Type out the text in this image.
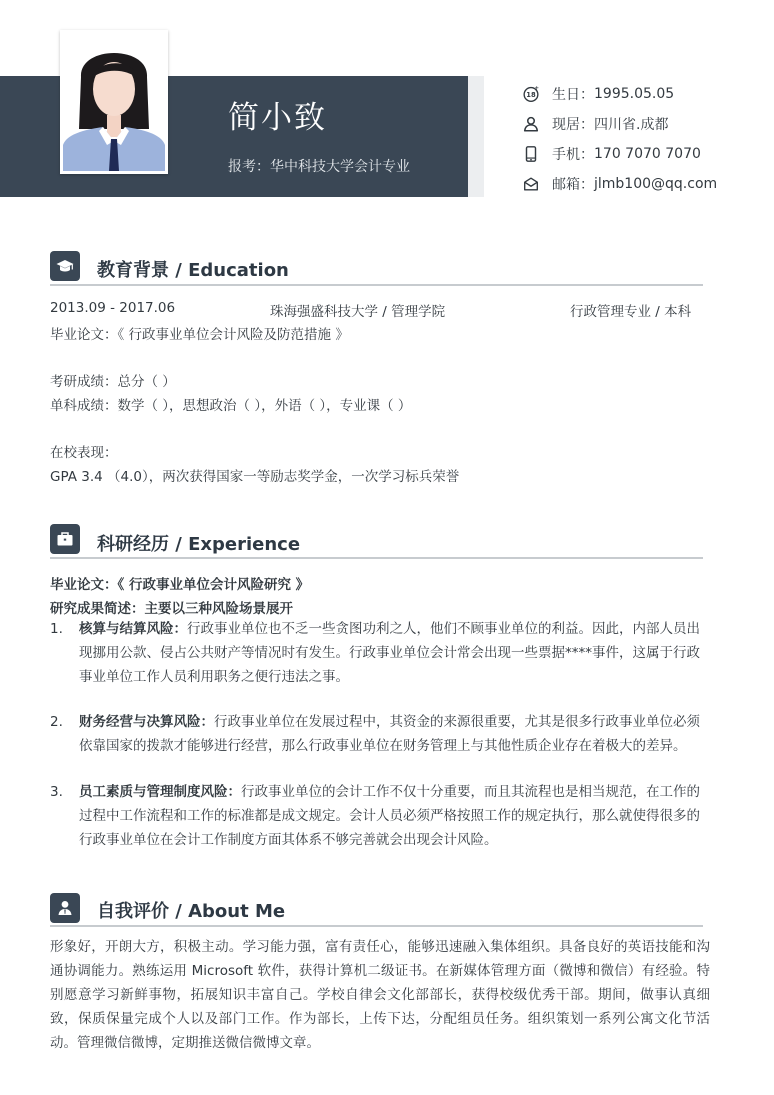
简小致
报考：华中科技大学会计专业
18
+ 生日： 1995.05.05
现居： 四川省.成都
手机： 170 7070 7070
邮箱： jlmb100@qq.com
教育背景 / Education
2013.09 - 2017.06	珠海强盛科技大学 / 管理学院	行政管理专业 / 本科
毕业论文：《 行政事业单位会计风险及防范措施 》
考研成绩：总分（ ）
单科成绩：数学（ ），思想政治（ ），外语（ ），专业课（ ）
在校表现：
GPA 3.4 （4.0），两次获得国家一等励志奖学金，一次学习标兵荣誉
科研经历 / Experience
毕业论文：《 行政事业单位会计风险研究 》
研究成果简述：主要以三种风险场景展开
1. 核算与结算风险：行政事业单位也不乏一些贪图功利之人，他们不顾事业单位的利益。因此，内部人员出现挪用公款、侵占公共财产等情况时有发生。行政事业单位会计常会出现一些票据****事件，这属于行政事业单位工作人员利用职务之便行违法之事。
2. 财务经营与决算风险：行政事业单位在发展过程中，其资金的来源很重要，尤其是很多行政事业单位必须依靠国家的拨款才能够进行经营，那么行政事业单位在财务管理上与其他性质企业存在着极大的差异。
3. 员工素质与管理制度风险：行政事业单位的会计工作不仅十分重要，而且其流程也是相当规范，在工作的过程中工作流程和工作的标准都是成文规定。会计人员必须严格按照工作的规定执行，那么就使得很多的行政事业单位在会计工作制度方面其体系不够完善就会出现会计风险。
自我评价 / About Me
形象好，开朗大方，积极主动。学习能力强，富有责任心，能够迅速融入集体组织。具备良好的英语技能和沟通协调能力。熟练运用 Microsoft 软件，获得计算机二级证书。在新媒体管理方面（微博和微信）有经验。特别愿意学习新鲜事物，拓展知识丰富自己。学校自律会文化部部长，获得校级优秀干部。期间，做事认真细致，保质保量完成个人以及部门工作。作为部长，上传下达，分配组员任务。组织策划一系列公寓文化节活动。管理微信微博，定期推送微信微博文章。
